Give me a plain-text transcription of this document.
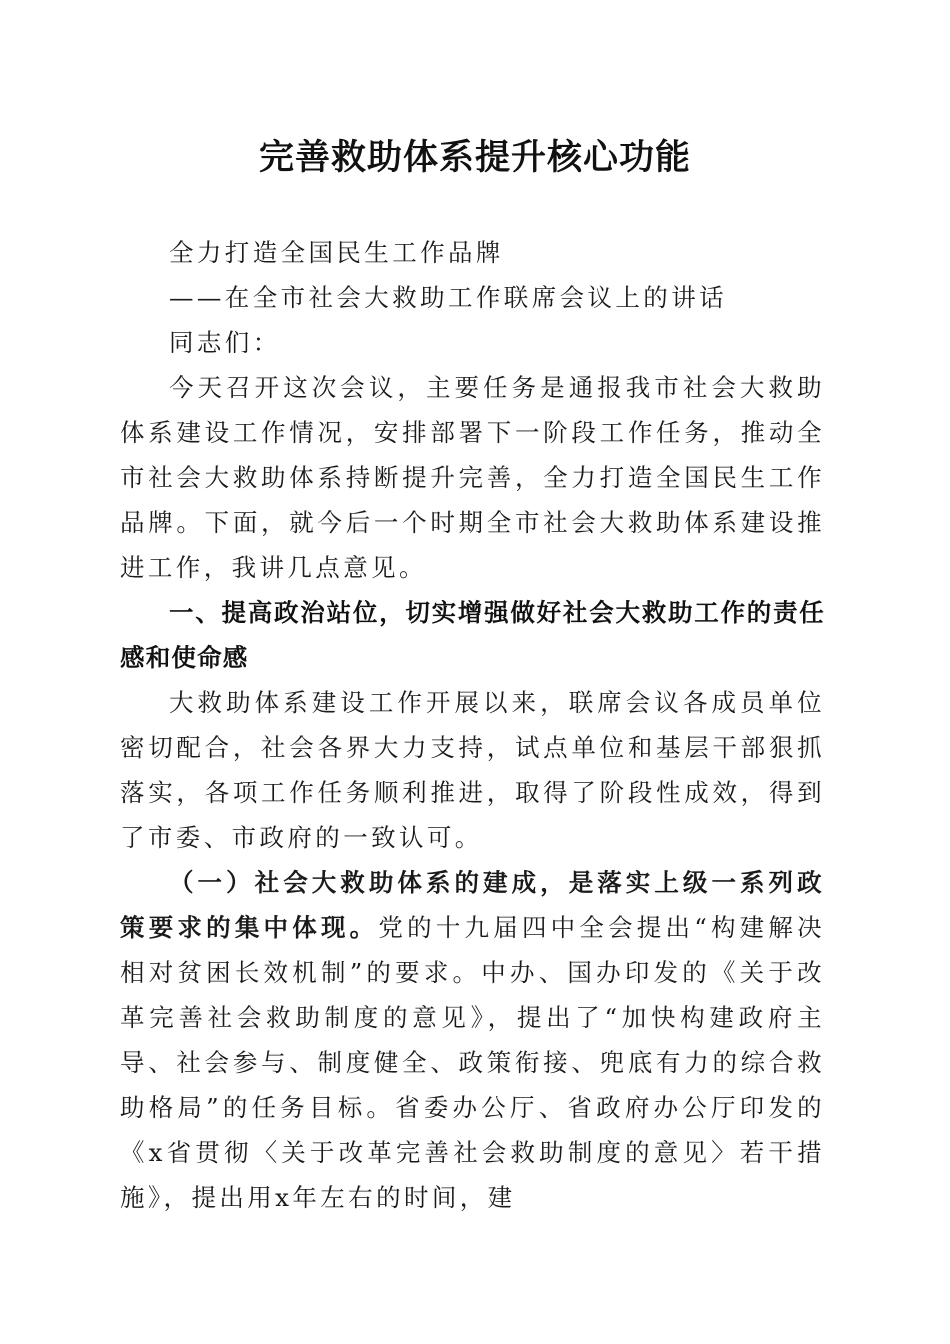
完善救助体系提升核心功能

全力打造全国民生工作品牌

——在全市社会大救助工作联席会议上的讲话

同志们：

今天召开这次会议，主要任务是通报我市社会大救助体系建设工作情况，安排部署下一阶段工作任务，推动全市社会大救助体系持断提升完善，全力打造全国民生工作品牌。下面，就今后一个时期全市社会大救助体系建设推进工作，我讲几点意见。

一、提高政治站位，切实增强做好社会大救助工作的责任感和使命感

大救助体系建设工作开展以来，联席会议各成员单位密切配合，社会各界大力支持，试点单位和基层干部狠抓落实，各项工作任务顺利推进，取得了阶段性成效，得到了市委、市政府的一致认可。

（一）社会大救助体系的建成，是落实上级一系列政策要求的集中体现。党的十九届四中全会提出“构建解决相对贫困长效机制”的要求。中办、国办印发的《关于改革完善社会救助制度的意见》，提出了“加快构建政府主导、社会参与、制度健全、政策衔接、兜底有力的综合救助格局”的任务目标。省委办公厅、省政府办公厅印发的《x省贯彻〈关于改革完善社会救助制度的意见〉若干措施》，提出用x年左右的时间，建
